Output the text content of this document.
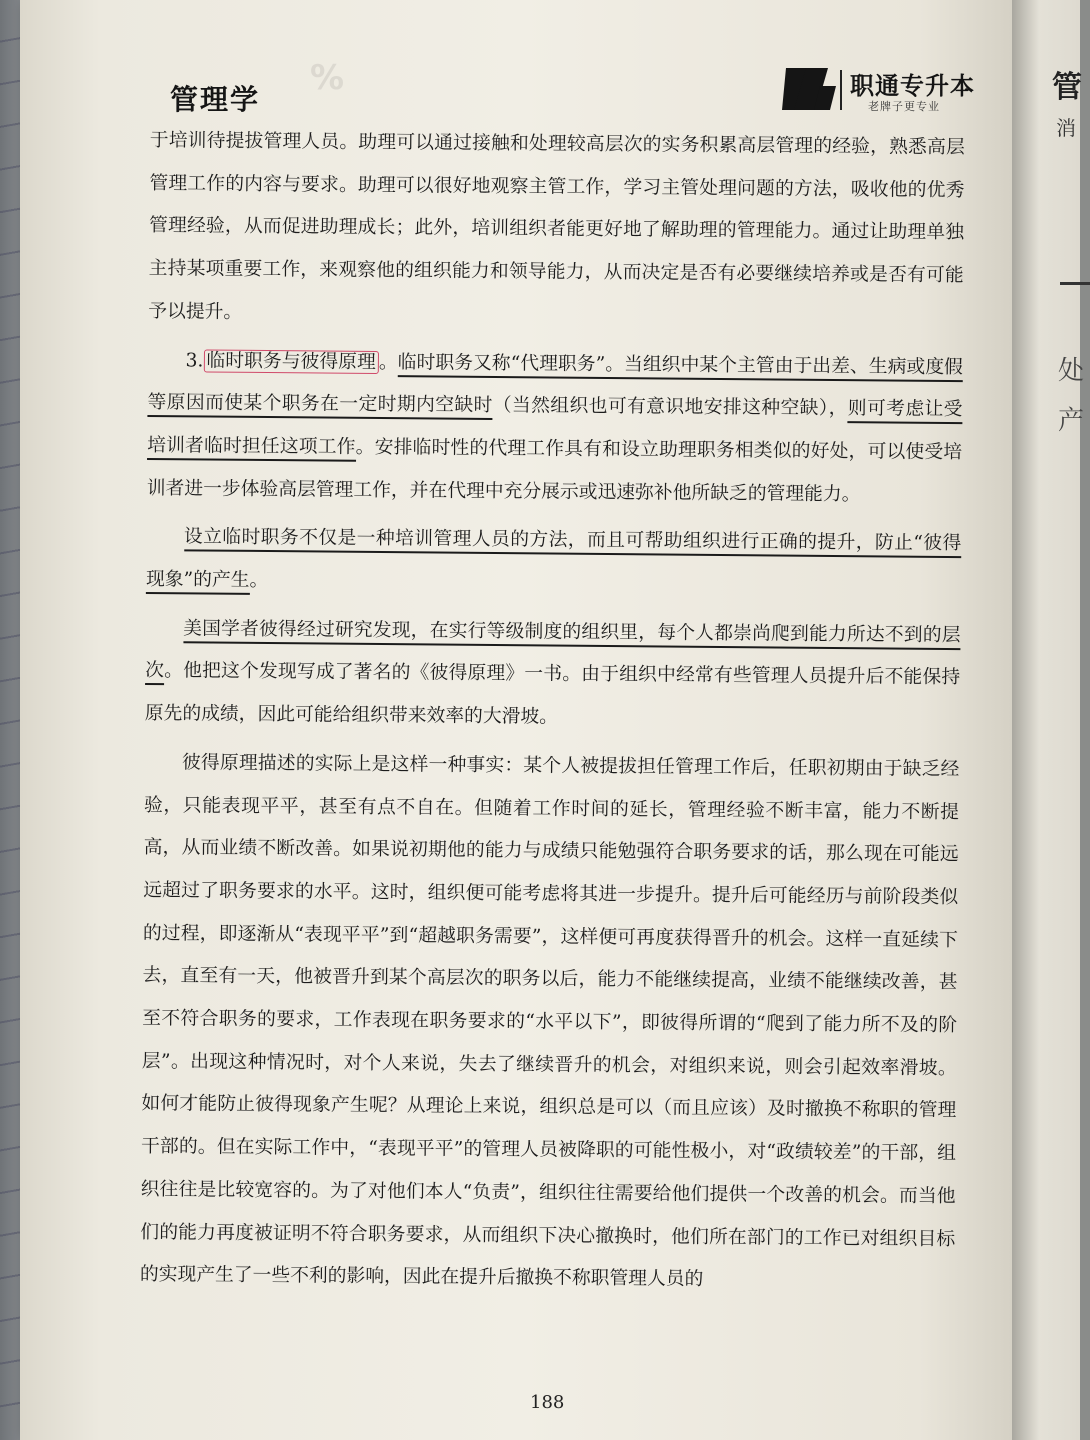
%
管理学	职通专升本
老牌子更专业

于培训待提拔管理人员。助理可以通过接触和处理较高层次的实务积累高层管理的经验，熟悉高层管理工作的内容与要求。助理可以很好地观察主管工作，学习主管处理问题的方法，吸收他的优秀管理经验，从而促进助理成长；此外，培训组织者能更好地了解助理的管理能力。通过让助理单独主持某项重要工作，来观察他的组织能力和领导能力，从而决定是否有必要继续培养或是否有可能予以提升。

3. 临时职务与彼得原理 。临时职务又称“代理职务”。当组织中某个主管由于出差、生病或度假等原因而使某个职务在一定时期内空缺时（当然组织也可有意识地安排这种空缺），则可考虑让受培训者临时担任这项工作。安排临时性的代理工作具有和设立助理职务相类似的好处，可以使受培训者进一步体验高层管理工作，并在代理中充分展示或迅速弥补他所缺乏的管理能力。

设立临时职务不仅是一种培训管理人员的方法，而且可帮助组织进行正确的提升，防止“彼得现象”的产生。

美国学者彼得经过研究发现，在实行等级制度的组织里，每个人都崇尚爬到能力所达不到的层次。他把这个发现写成了著名的《彼得原理》一书。由于组织中经常有些管理人员提升后不能保持原先的成绩，因此可能给组织带来效率的大滑坡。

彼得原理描述的实际上是这样一种事实：某个人被提拔担任管理工作后，任职初期由于缺乏经验，只能表现平平，甚至有点不自在。但随着工作时间的延长，管理经验不断丰富，能力不断提高，从而业绩不断改善。如果说初期他的能力与成绩只能勉强符合职务要求的话，那么现在可能远远超过了职务要求的水平。这时，组织便可能考虑将其进一步提升。提升后可能经历与前阶段类似的过程，即逐渐从“表现平平”到“超越职务需要”，这样便可再度获得晋升的机会。这样一直延续下去，直至有一天，他被晋升到某个高层次的职务以后，能力不能继续提高，业绩不能继续改善，甚至不符合职务的要求，工作表现在职务要求的“水平以下”，即彼得所谓的“爬到了能力所不及的阶层”。出现这种情况时，对个人来说，失去了继续晋升的机会，对组织来说，则会引起效率滑坡。如何才能防止彼得现象产生呢？从理论上来说，组织总是可以（而且应该）及时撤换不称职的管理干部的。但在实际工作中，“表现平平”的管理人员被降职的可能性极小，对“政绩较差”的干部，组织往往是比较宽容的。为了对他们本人“负责”，组织往往需要给他们提供一个改善的机会。而当他们的能力再度被证明不符合职务要求，从而组织下决心撤换时，他们所在部门的工作已对组织目标的实现产生了一些不利的影响，因此在提升后撤换不称职管理人员的

188
管
消
处
产
